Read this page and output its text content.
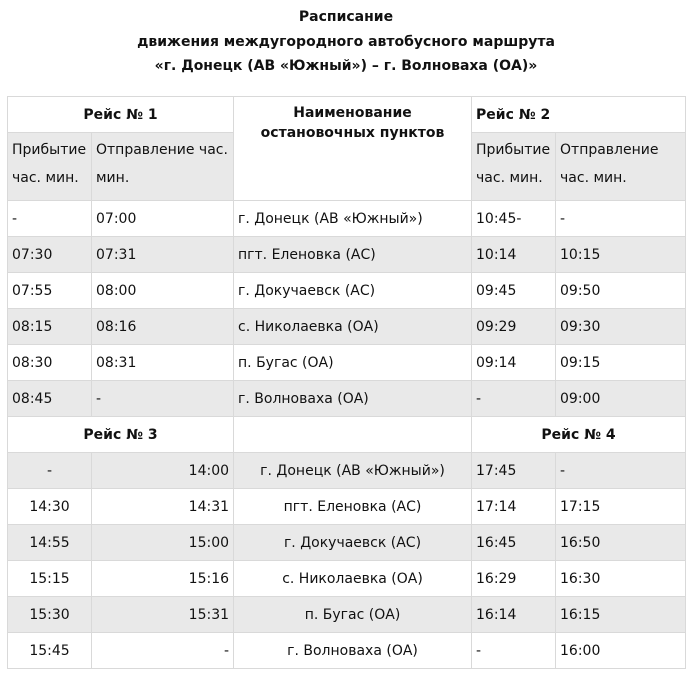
Расписание
движения междугородного автобусного маршрута
«г. Донецк (АВ «Южный») – г. Волноваха (ОА)»
Рейс № 1		Наименование остановочных пунктов	Рейс № 2	
Прибытие час. мин.	Отправление час. мин.		Прибытие час. мин.	Отправление час. мин.

-	07:00	г. Донецк (АВ «Южный»)	10:45-	-
07:30	07:31	пгт. Еленовка (АС)	10:14	10:15
07:55	08:00	г. Докучаевск (АС)	09:45	09:50
08:15	08:16	с. Николаевка (ОА)	09:29	09:30
08:30	08:31	п. Бугас (ОА)	09:14	09:15
08:45	-	г. Волноваха (ОА)	-	09:00
Рейс № 3			Рейс № 4	
-	14:00	г. Донецк (АВ «Южный»)	17:45	-
14:30	14:31	пгт. Еленовка (АС)	17:14	17:15
14:55	15:00	г. Докучаевск (АС)	16:45	16:50
15:15	15:16	с. Николаевка (ОА)	16:29	16:30
15:30	15:31	п. Бугас (ОА)	16:14	16:15
15:45	-	г. Волноваха (ОА)	-	16:00
